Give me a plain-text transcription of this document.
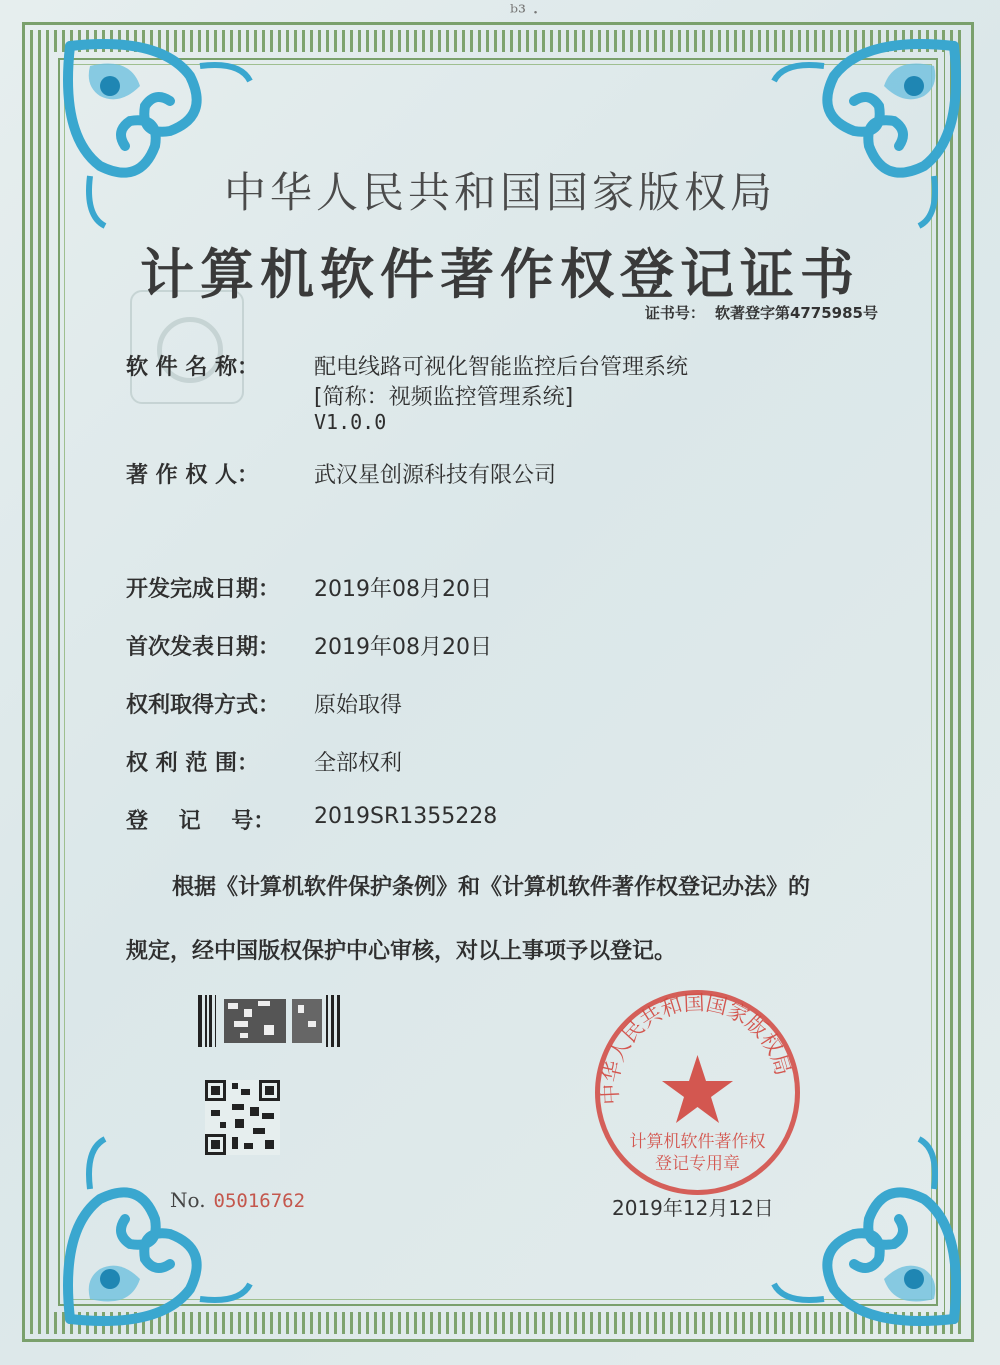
ᵇ³ ·
中华人民共和国国家版权局
计算机软件著作权登记证书
证书号： 软著登字第4775985号
软 件 名 称：	配电线路可视化智能监控后台管理系统
[简称：视频监控管理系统]
V1.0.0
著 作 权 人：	武汉星创源科技有限公司
开发完成日期： 2019年08月20日
首次发表日期： 2019年08月20日
权利取得方式： 原始取得
权 利 范 围：	全部权利
登    记    号： 2019SR1355228
根据《计算机软件保护条例》和《计算机软件著作权登记办法》的
规定，经中国版权保护中心审核，对以上事项予以登记。
No. 05016762
中华人民共和国国家版权局
计算机软件著作权
登记专用章
2019年12月12日
